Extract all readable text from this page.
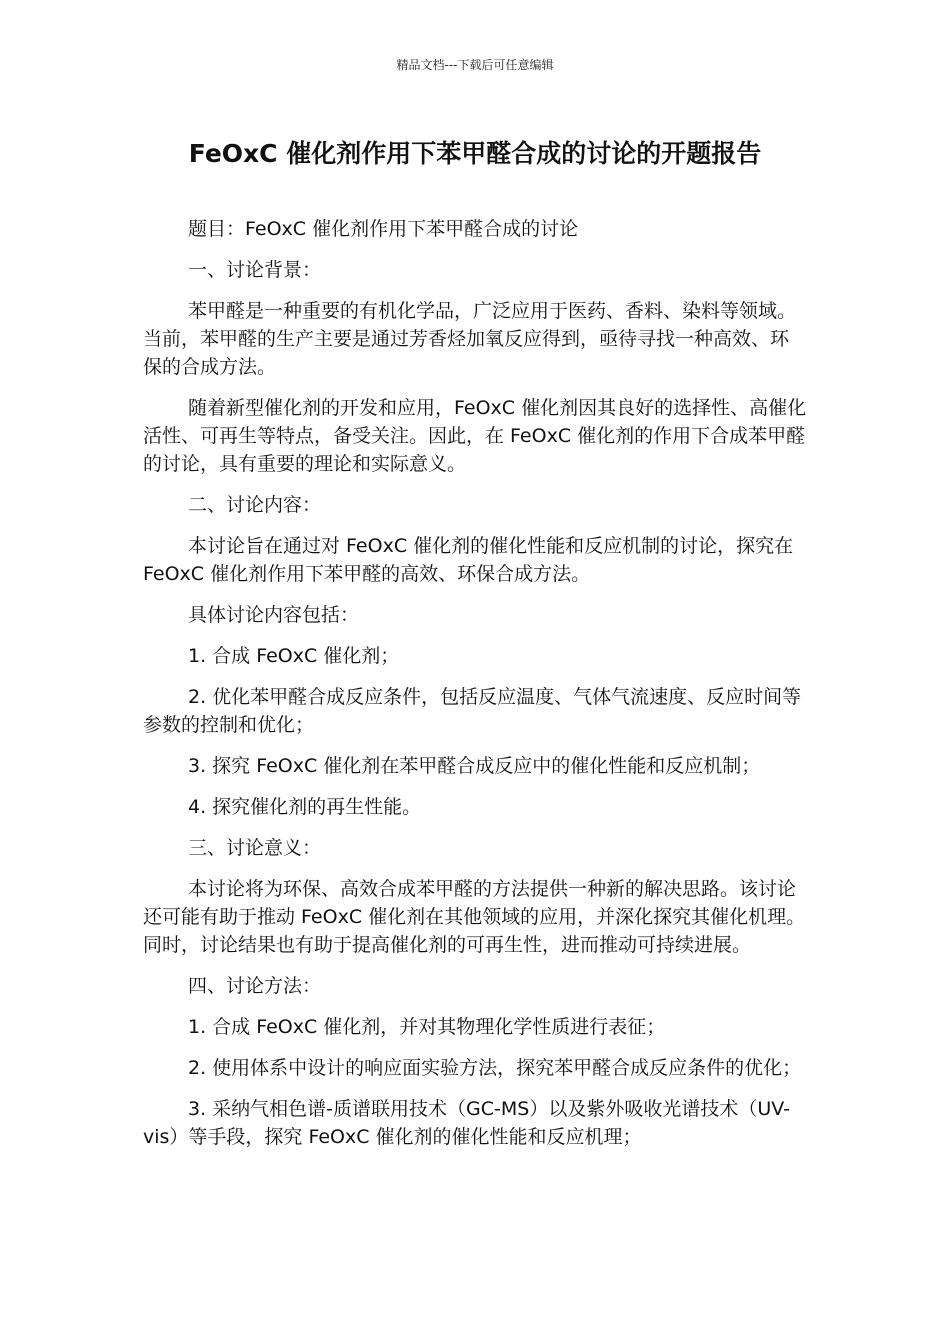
精品文档---下载后可任意编辑
FeOxC 催化剂作用下苯甲醛合成的讨论的开题报告

题目：FeOxC 催化剂作用下苯甲醛合成的讨论

一、讨论背景：

苯甲醛是一种重要的有机化学品，广泛应用于医药、香料、染料等领域。当前，苯甲醛的生产主要是通过芳香烃加氧反应得到，亟待寻找一种高效、环保的合成方法。

随着新型催化剂的开发和应用，FeOxC 催化剂因其良好的选择性、高催化活性、可再生等特点，备受关注。因此，在 FeOxC 催化剂的作用下合成苯甲醛的讨论，具有重要的理论和实际意义。

二、讨论内容：

本讨论旨在通过对 FeOxC 催化剂的催化性能和反应机制的讨论，探究在 FeOxC 催化剂作用下苯甲醛的高效、环保合成方法。

具体讨论内容包括：

1. 合成 FeOxC 催化剂；

2. 优化苯甲醛合成反应条件，包括反应温度、气体气流速度、反应时间等参数的控制和优化；

3. 探究 FeOxC 催化剂在苯甲醛合成反应中的催化性能和反应机制；

4. 探究催化剂的再生性能。

三、讨论意义：

本讨论将为环保、高效合成苯甲醛的方法提供一种新的解决思路。该讨论还可能有助于推动 FeOxC 催化剂在其他领域的应用，并深化探究其催化机理。同时，讨论结果也有助于提高催化剂的可再生性，进而推动可持续进展。

四、讨论方法：

1. 合成 FeOxC 催化剂，并对其物理化学性质进行表征；

2. 使用体系中设计的响应面实验方法，探究苯甲醛合成反应条件的优化；

3. 采纳气相色谱-质谱联用技术（GC-MS）以及紫外吸收光谱技术（UV-vis）等手段，探究 FeOxC 催化剂的催化性能和反应机理；
